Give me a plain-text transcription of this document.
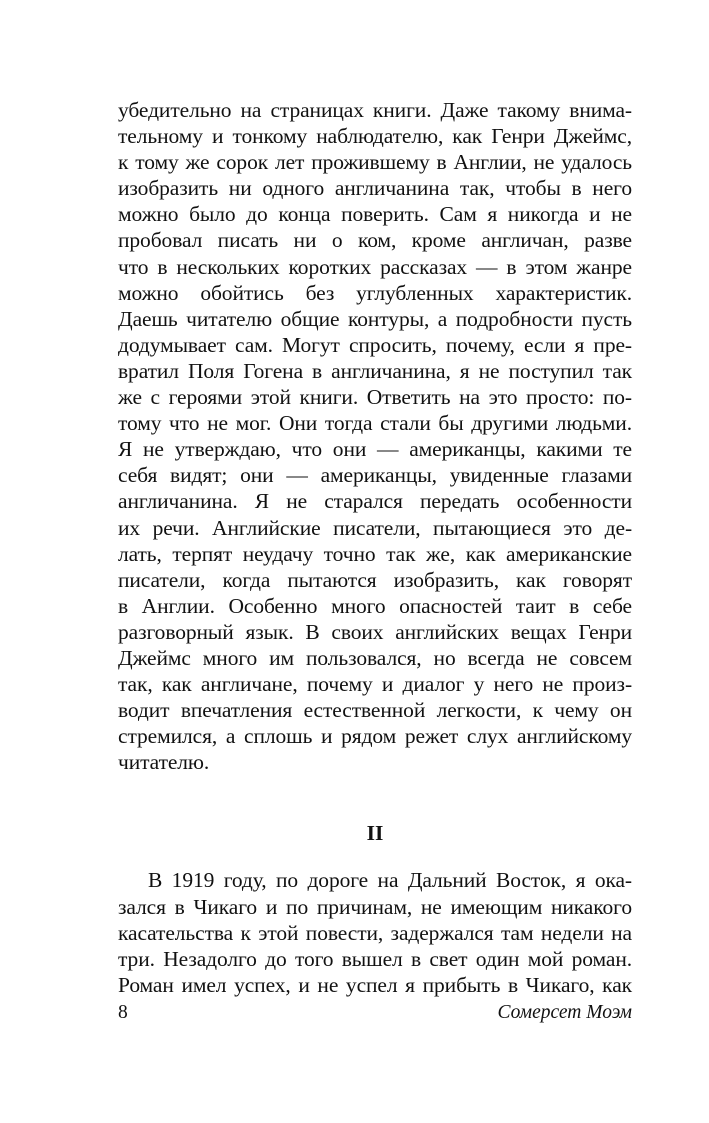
убедительно на страницах книги. Даже такому внима-
тельному и тонкому наблюдателю, как Генри Джеймс,
к тому же сорок лет прожившему в Англии, не удалось
изобразить ни одного англичанина так, чтобы в него
можно было до конца поверить. Сам я никогда и не
пробовал писать ни о ком, кроме англичан, разве
что в нескольких коротких рассказах — в этом жанре
можно обойтись без углубленных характеристик.
Даешь читателю общие контуры, а подробности пусть
додумывает сам. Могут спросить, почему, если я пре-
вратил Поля Гогена в англичанина, я не поступил так
же с героями этой книги. Ответить на это просто: по-
тому что не мог. Они тогда стали бы другими людьми.
Я не утверждаю, что они — американцы, какими те
себя видят; они — американцы, увиденные глазами
англичанина. Я не старался передать особенности
их речи. Английские писатели, пытающиеся это де-
лать, терпят неудачу точно так же, как американские
писатели, когда пытаются изобразить, как говорят
в Англии. Особенно много опасностей таит в себе
разговорный язык. В своих английских вещах Генри
Джеймс много им пользовался, но всегда не совсем
так, как англичане, почему и диалог у него не произ-
водит впечатления естественной легкости, к чему он
стремился, а сплошь и рядом режет слух английскому
читателю.
II
В 1919 году, по дороге на Дальний Восток, я ока-
зался в Чикаго и по причинам, не имеющим никакого
касательства к этой повести, задержался там недели на
три. Незадолго до того вышел в свет один мой роман.
Роман имел успех, и не успел я прибыть в Чикаго, как
8	Сомерсет Моэм
